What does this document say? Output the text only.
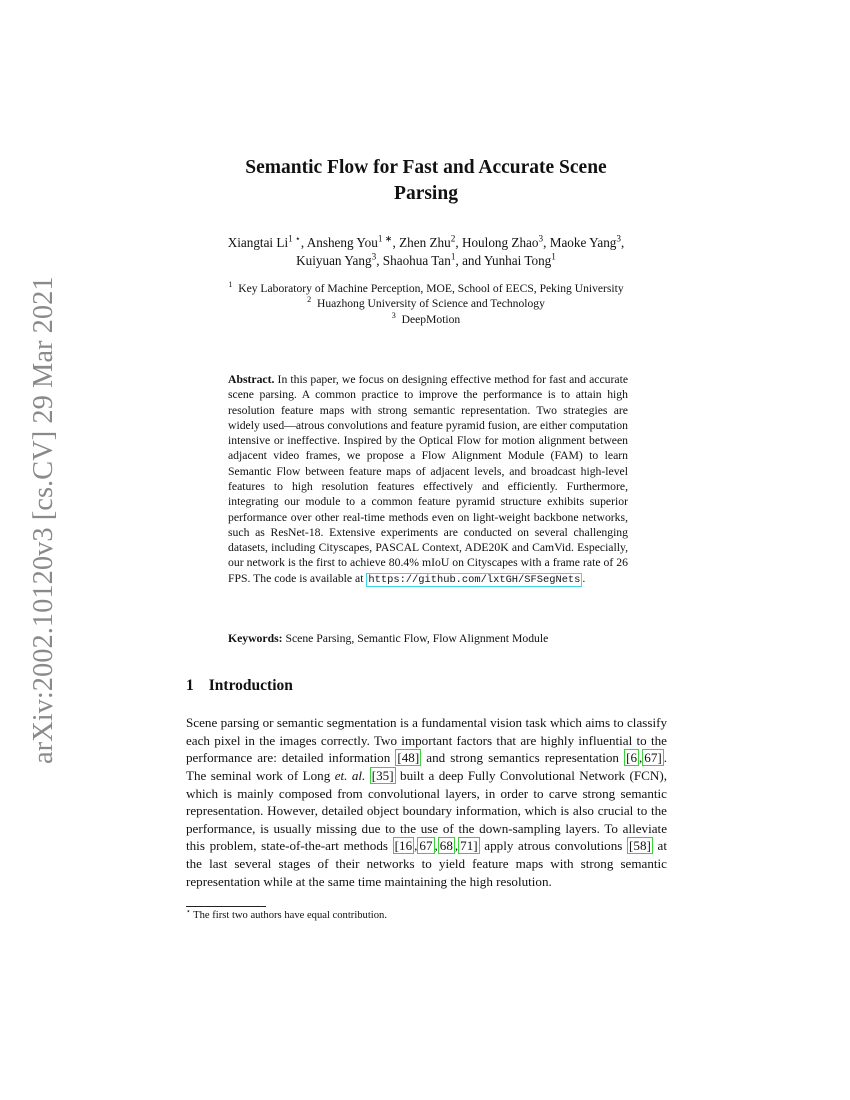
arXiv:2002.10120v3 [cs.CV] 29 Mar 2021
Semantic Flow for Fast and Accurate Scene
Parsing
Xiangtai $Li^{1 ⋆}$, Ansheng You$^{1 ∗}$, Zhen Zhu$^2$, Houlong Zhao$^3$, Maoke Yang$^3$,
Kuiyuan Yang$^3$, Shaohua Tan$^1$, and Yunhai Tong$^1$
$^1$ Key Laboratory of Machine Perception, MOE, School of EECS, Peking University
$^2$ Huazhong University of Science and Technology
$^3$ DeepMotion
Abstract. In this paper, we focus on designing effective method for fast and accurate scene parsing. A common practice to improve the performance is to attain high resolution feature maps with strong semantic representation. Two strategies are widely used—atrous convolutions and feature pyramid fusion, are either computation intensive or ineffective. Inspired by the Optical Flow for motion alignment between adjacent video frames, we propose a Flow Alignment Module (FAM) to learn Semantic Flow between feature maps of adjacent levels, and broadcast high-level features to high resolution features effectively and efficiently. Furthermore, integrating our module to a common feature pyramid structure exhibits superior performance over other real-time methods even on light-weight backbone networks, such as ResNet-18. Extensive experiments are conducted on several challenging datasets, including Cityscapes, PASCAL Context, ADE20K and CamVid. Especially, our network is the first to achieve 80.4% mIoU on Cityscapes with a frame rate of 26 FPS. The code is available at https://github.com/lxtGH/SFSegNets .
Keywords: Scene Parsing, Semantic Flow, Flow Alignment Module
1 Introduction
Scene parsing or semantic segmentation is a fundamental vision task which aims to classify each pixel in the images correctly. Two important factors that are highly influential to the performance are: detailed information [48] and strong semantics representation [6 , 67] . The seminal work of Long et. al. [35] built a deep Fully Convolutional Network (FCN), which is mainly composed from convolutional layers, in order to carve strong semantic representation. However, detailed object boundary information, which is also crucial to the performance, is usually missing due to the use of the down-sampling layers. To alleviate this problem, state-of-the-art methods [16 , 67 , 68 , 71] apply atrous convolutions [58] at the last several stages of their networks to yield feature maps with strong semantic representation while at the same time maintaining the high resolution.
⋆ The first two authors have equal contribution.
